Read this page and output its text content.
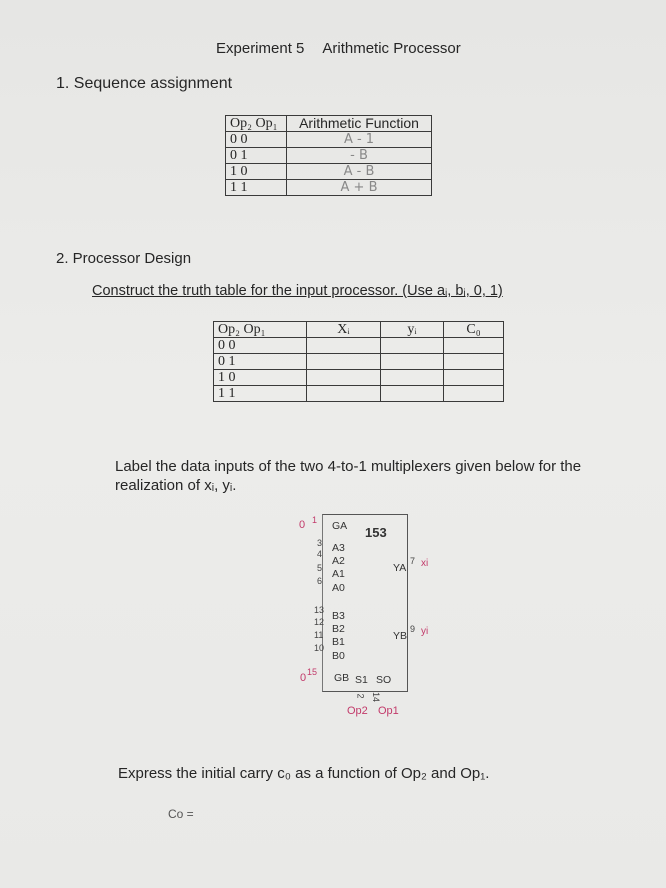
Experiment 5 Arithmetic Processor
1. Sequence assignment
Op₂ Op₁	Arithmetic Function
0 0	A - 1
0 1	- B
1 0	A - B
1 1	A + B
2. Processor Design
Construct the truth table for the input processor. (Use aᵢ, bᵢ, 0, 1)
Op₂ Op₁	Xᵢ	yᵢ	C₀
0 0			
0 1			
1 0			
1 1			
Label the data inputs of the two 4-to-1 multiplexers given below for the realization of xᵢ, yᵢ.
153
0 1 GA
3 A3
4
A2
5 A1
6
A0
YA
7 xi
13 B3
12
B2
11
B1
10
B0
YB
9 yi
0 15 GB S1 SO
2 14
Op2 Op1
Express the initial carry c₀ as a function of Op₂ and Op₁.
Co =
